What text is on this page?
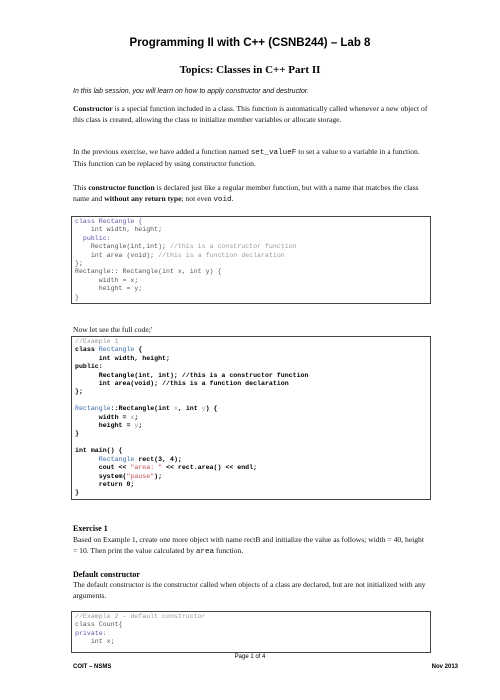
Programming II with C++ (CSNB244) – Lab 8
Topics: Classes in C++ Part II
In this lab session, you will learn on how to apply constructor and destructor.
Constructor is a special function included in a class. This function is automatically called whenever a new object of this class is created, allowing the class to initialize member variables or allocate storage.
In the previous exercise, we have added a function named set_valueF to set a value to a variable in a function. This function can be replaced by using constructor function.
This constructor function is declared just like a regular member function, but with a name that matches the class name and without any return type; not even void.
class Rectangle {
int width, height;
public:
Rectangle(int,int); //this is a constructor function
int area (void); //this is a function declaration
};
Rectangle:: Rectangle(int x, int y) {
width = x;
height = y;
}
Now let see the full code;'
//Example 1
class Rectangle {
int width, height;
public:
Rectangle(int, int); //this is a constructor function
int area(void); //this is a function declaration
};

Rectangle::Rectangle(int x, int y) {
width = x;
height = y;
}

int main() {
Rectangle rect(3, 4);
cout << "area: " << rect.area() << endl;
system("pause");
return 0;
}
Exercise 1
Based on Example 1, create one more object with name rectB and initialize the value as follows; width = 40, height = 10. Then print the value calculated by area function.
Default constructor
The default constructor is the constructor called when objects of a class are declared, but are not initialized with any arguments.
//Example 2 - default constructor
class Count{
private:
int x;
Page 1 of 4
COIT – NSMS	Nov 2013
